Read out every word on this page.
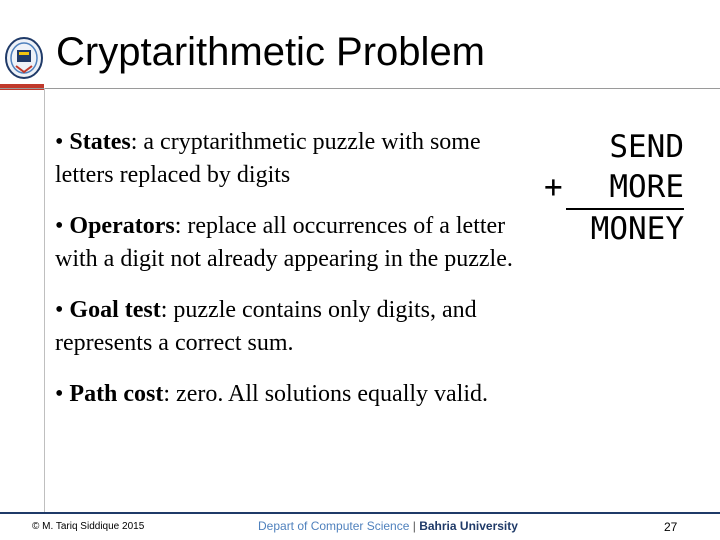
Cryptarithmetic Problem
• States: a cryptarithmetic puzzle with some letters replaced by digits
• Operators: replace all occurrences of a letter with a digit not already appearing in the puzzle.
• Goal test: puzzle contains only digits, and represents a correct sum.
• Path cost: zero. All solutions equally valid.
SEND
+ MORE
MONEY
© M. Tariq Siddique 2015	Depart of Computer Science | Bahria University	27
